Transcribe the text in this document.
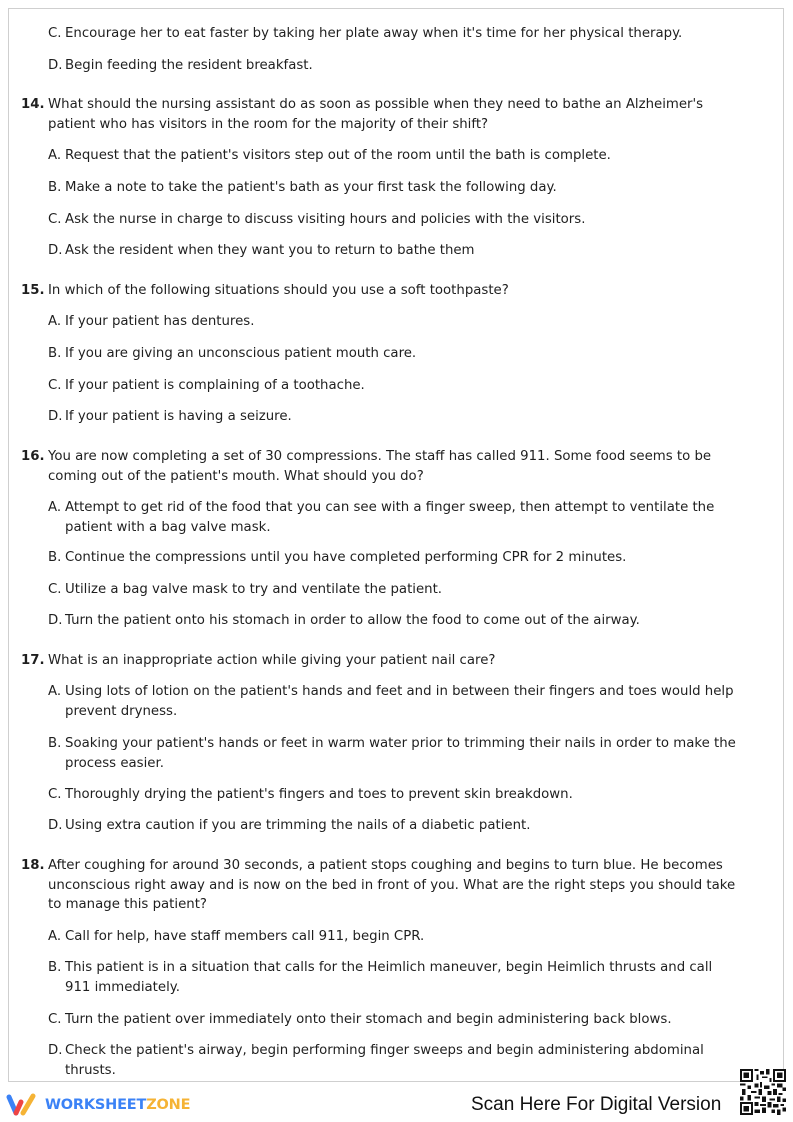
C. Encourage her to eat faster by taking her plate away when it's time for her physical therapy.
D. Begin feeding the resident breakfast.
14. What should the nursing assistant do as soon as possible when they need to bathe an Alzheimer's patient who has visitors in the room for the majority of their shift?
A. Request that the patient's visitors step out of the room until the bath is complete.
B. Make a note to take the patient's bath as your first task the following day.
C. Ask the nurse in charge to discuss visiting hours and policies with the visitors.
D. Ask the resident when they want you to return to bathe them
15. In which of the following situations should you use a soft toothpaste?
A. If your patient has dentures.
B. If you are giving an unconscious patient mouth care.
C. If your patient is complaining of a toothache.
D. If your patient is having a seizure.
16. You are now completing a set of 30 compressions. The staff has called 911. Some food seems to be coming out of the patient's mouth. What should you do?
A. Attempt to get rid of the food that you can see with a finger sweep, then attempt to ventilate the patient with a bag valve mask.
B. Continue the compressions until you have completed performing CPR for 2 minutes.
C. Utilize a bag valve mask to try and ventilate the patient.
D. Turn the patient onto his stomach in order to allow the food to come out of the airway.
17. What is an inappropriate action while giving your patient nail care?
A. Using lots of lotion on the patient's hands and feet and in between their fingers and toes would help prevent dryness.
B. Soaking your patient's hands or feet in warm water prior to trimming their nails in order to make the process easier.
C. Thoroughly drying the patient's fingers and toes to prevent skin breakdown.
D. Using extra caution if you are trimming the nails of a diabetic patient.
18. After coughing for around 30 seconds, a patient stops coughing and begins to turn blue. He becomes unconscious right away and is now on the bed in front of you. What are the right steps you should take to manage this patient?
A. Call for help, have staff members call 911, begin CPR.
B. This patient is in a situation that calls for the Heimlich maneuver, begin Heimlich thrusts and call 911 immediately.
C. Turn the patient over immediately onto their stomach and begin administering back blows.
D. Check the patient's airway, begin performing finger sweeps and begin administering abdominal thrusts.
WORKSHEETZONE	Scan Here For Digital Version
